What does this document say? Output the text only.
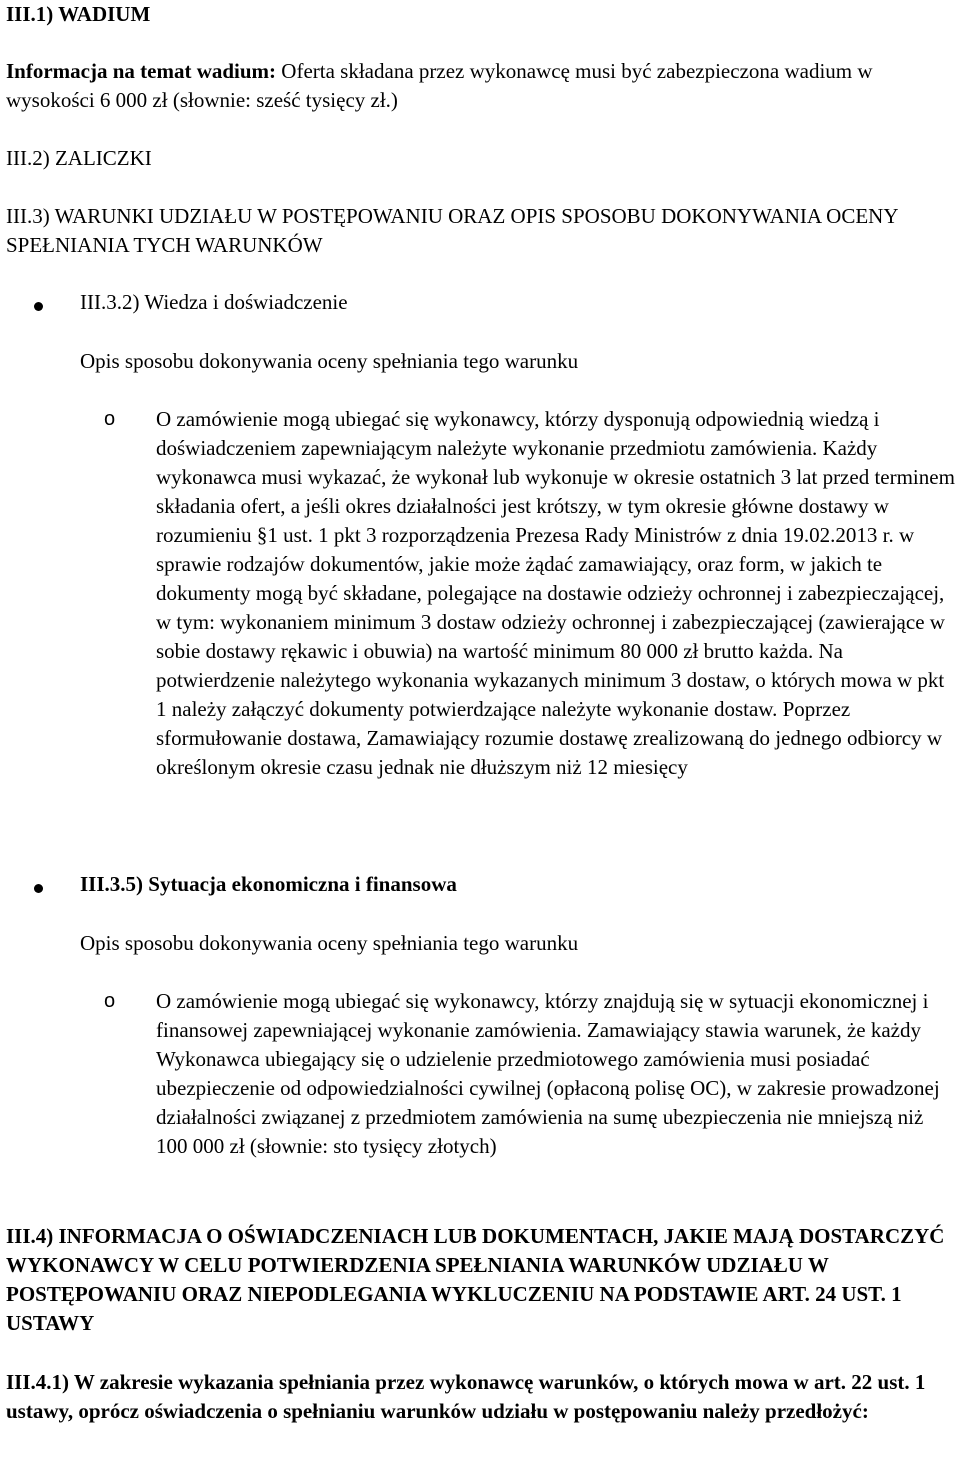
III.1) WADIUM

Informacja na temat wadium: Oferta składana przez wykonawcę musi być zabezpieczona wadium w wysokości 6 000 zł (słownie: sześć tysięcy zł.)

III.2) ZALICZKI

III.3) WARUNKI UDZIAŁU W POSTĘPOWANIU ORAZ OPIS SPOSOBU DOKONYWANIA OCENY SPEŁNIANIA TYCH WARUNKÓW

III.3.2) Wiedza i doświadczenie

Opis sposobu dokonywania oceny spełniania tego warunku

o O zamówienie mogą ubiegać się wykonawcy, którzy dysponują odpowiednią wiedzą i doświadczeniem zapewniającym należyte wykonanie przedmiotu zamówienia. Każdy wykonawca musi wykazać, że wykonał lub wykonuje w okresie ostatnich 3 lat przed terminem składania ofert, a jeśli okres działalności jest krótszy, w tym okresie główne dostawy w rozumieniu §1 ust. 1 pkt 3 rozporządzenia Prezesa Rady Ministrów z dnia 19.02.2013 r. w sprawie rodzajów dokumentów, jakie może żądać zamawiający, oraz form, w jakich te dokumenty mogą być składane, polegające na dostawie odzieży ochronnej i zabezpieczającej, w tym: wykonaniem minimum 3 dostaw odzieży ochronnej i zabezpieczającej (zawierające w sobie dostawy rękawic i obuwia) na wartość minimum 80 000 zł brutto każda. Na potwierdzenie należytego wykonania wykazanych minimum 3 dostaw, o których mowa w pkt 1 należy załączyć dokumenty potwierdzające należyte wykonanie dostaw. Poprzez sformułowanie dostawa, Zamawiający rozumie dostawę zrealizowaną do jednego odbiorcy w określonym okresie czasu jednak nie dłuższym niż 12 miesięcy

III.3.5) Sytuacja ekonomiczna i finansowa

Opis sposobu dokonywania oceny spełniania tego warunku

o O zamówienie mogą ubiegać się wykonawcy, którzy znajdują się w sytuacji ekonomicznej i finansowej zapewniającej wykonanie zamówienia. Zamawiający stawia warunek, że każdy Wykonawca ubiegający się o udzielenie przedmiotowego zamówienia musi posiadać ubezpieczenie od odpowiedzialności cywilnej (opłaconą polisę OC), w zakresie prowadzonej działalności związanej z przedmiotem zamówienia na sumę ubezpieczenia nie mniejszą niż 100 000 zł (słownie: sto tysięcy złotych)

III.4) INFORMACJA O OŚWIADCZENIACH LUB DOKUMENTACH, JAKIE MAJĄ DOSTARCZYĆ WYKONAWCY W CELU POTWIERDZENIA SPEŁNIANIA WARUNKÓW UDZIAŁU W POSTĘPOWANIU ORAZ NIEPODLEGANIA WYKLUCZENIU NA PODSTAWIE ART. 24 UST. 1 USTAWY

III.4.1) W zakresie wykazania spełniania przez wykonawcę warunków, o których mowa w art. 22 ust. 1 ustawy, oprócz oświadczenia o spełnianiu warunków udziału w postępowaniu należy przedłożyć:
